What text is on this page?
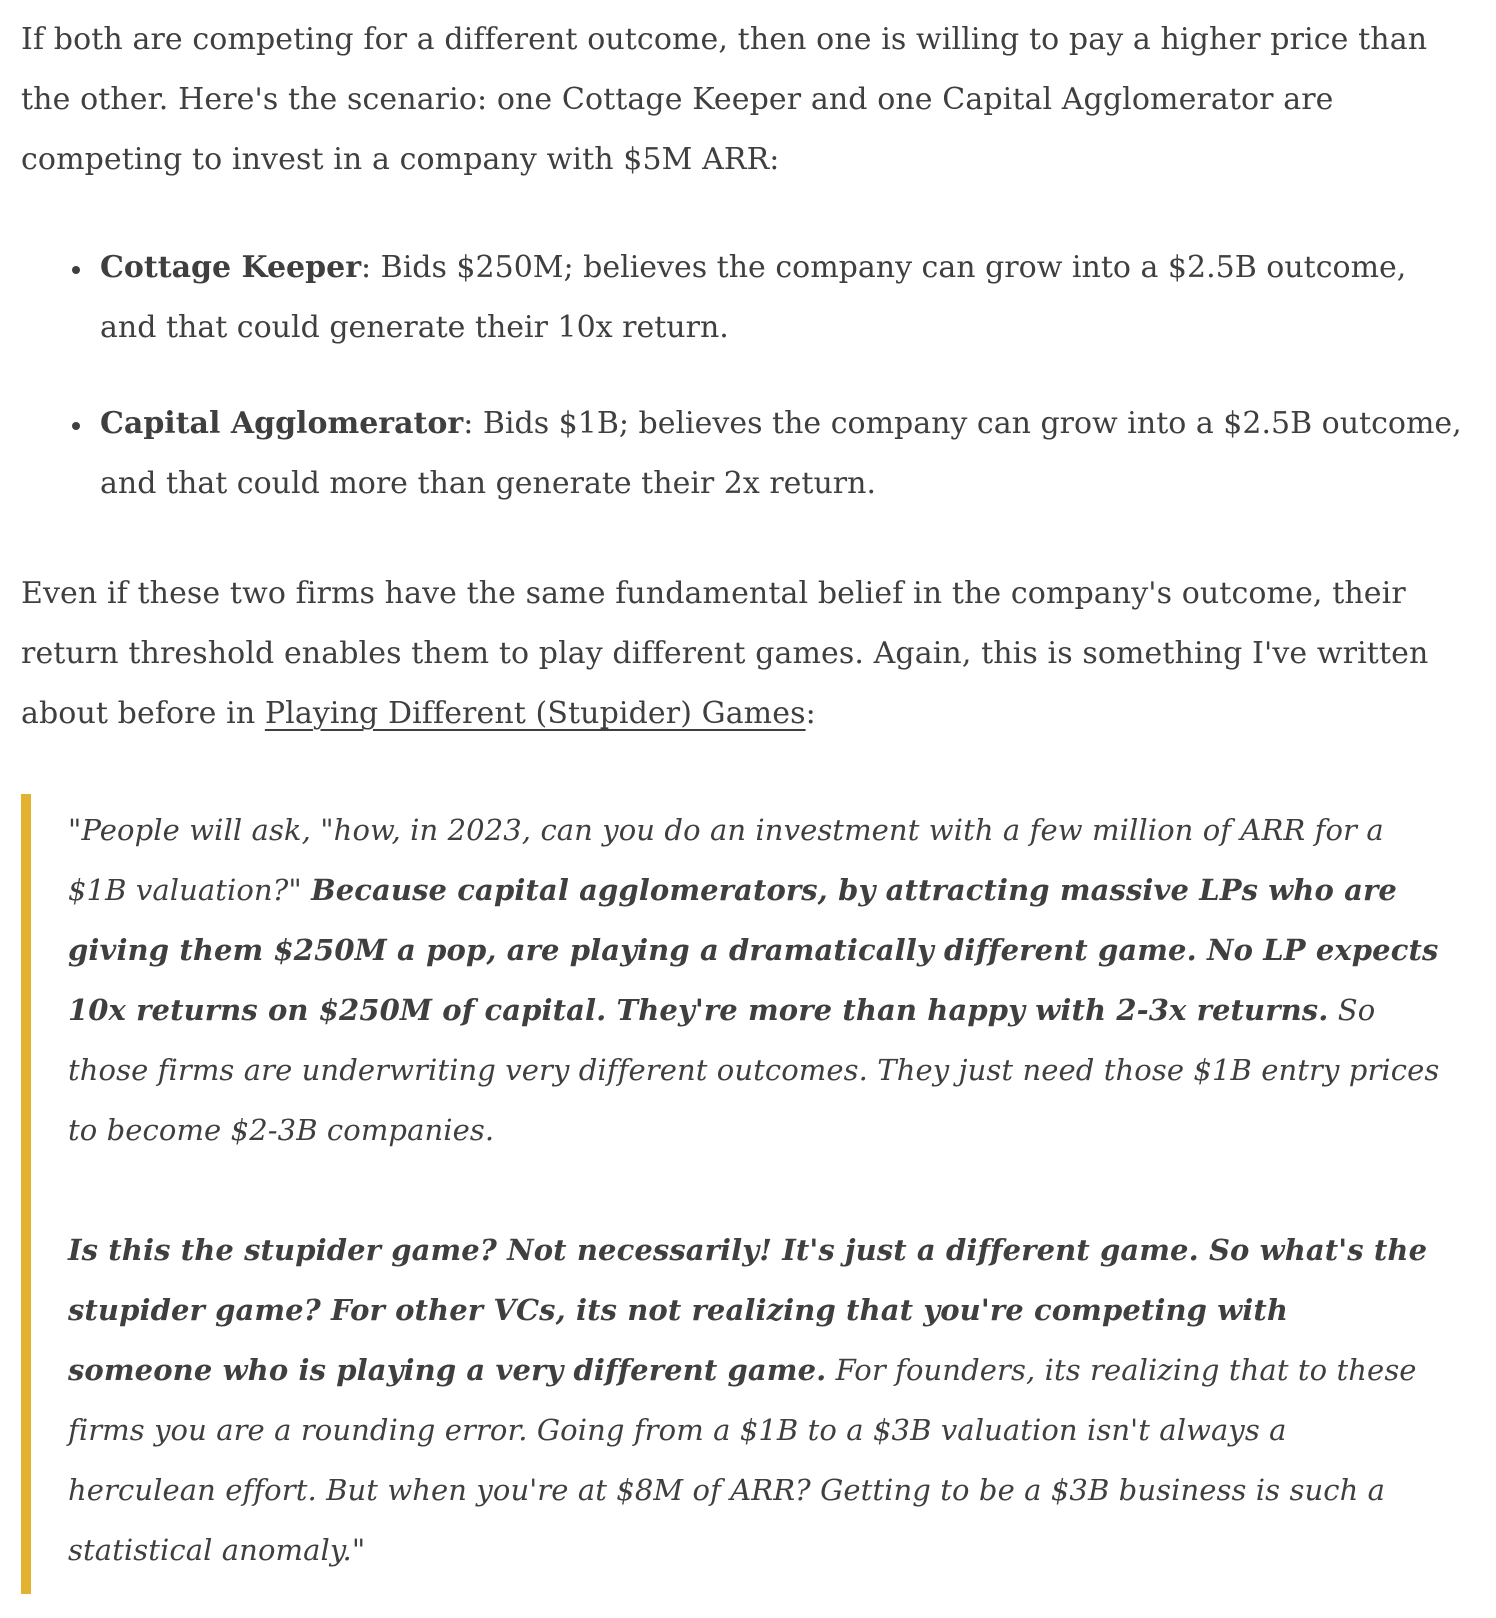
If both are competing for a different outcome, then one is willing to pay a higher price than the other. Here's the scenario: one Cottage Keeper and one Capital Agglomerator are competing to invest in a company with $5M ARR:

• Cottage Keeper: Bids $250M; believes the company can grow into a $2.5B outcome, and that could generate their 10x return.
• Capital Agglomerator: Bids $1B; believes the company can grow into a $2.5B outcome, and that could more than generate their 2x return.

Even if these two firms have the same fundamental belief in the company's outcome, their return threshold enables them to play different games. Again, this is something I've written about before in Playing Different (Stupider) Games:

"People will ask, "how, in 2023, can you do an investment with a few million of ARR for a $1B valuation?" Because capital agglomerators, by attracting massive LPs who are giving them $250M a pop, are playing a dramatically different game. No LP expects 10x returns on $250M of capital. They're more than happy with 2-3x returns. So those firms are underwriting very different outcomes. They just need those $1B entry prices to become $2-3B companies.

Is this the stupider game? Not necessarily! It's just a different game. So what's the stupider game? For other VCs, its not realizing that you're competing with someone who is playing a very different game. For founders, its realizing that to these firms you are a rounding error. Going from a $1B to a $3B valuation isn't always a herculean effort. But when you're at $8M of ARR? Getting to be a $3B business is such a statistical anomaly."
